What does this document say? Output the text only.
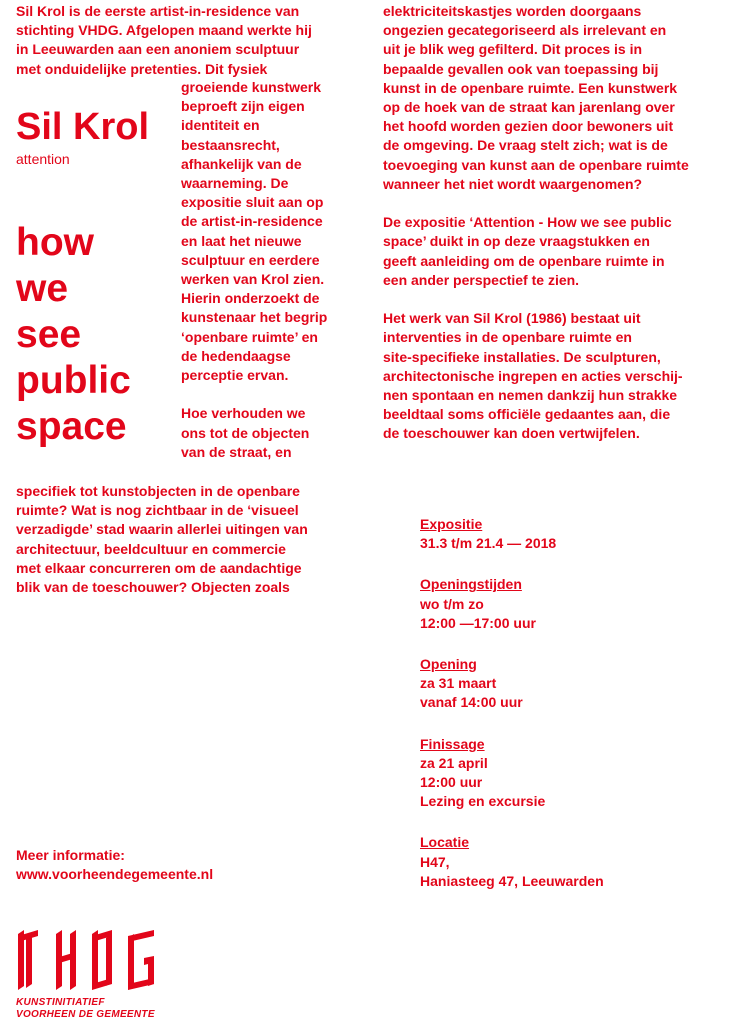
Sil Krol is de eerste artist-in-residence van
stichting VHDG. Afgelopen maand werkte hij
in Leeuwarden aan een anoniem sculptuur
met onduidelijke pretenties. Dit fysiek

groeiende kunstwerk
beproeft zijn eigen
identiteit en
bestaansrecht,
afhankelijk van de
waarneming. De
expositie sluit aan op
de artist-in-residence
en laat het nieuwe
sculptuur en eerdere
werken van Krol zien.
Hierin onderzoekt de
kunstenaar het begrip
‘openbare ruimte’ en
de hedendaagse
perceptie ervan.

Hoe verhouden we
ons tot de objecten
van de straat, en

specifiek tot kunstobjecten in de openbare
ruimte? Wat is nog zichtbaar in de ‘visueel
verzadigde’ stad waarin allerlei uitingen van
architectuur, beeldcultuur en commercie
met elkaar concurreren om de aandachtige
blik van de toeschouwer? Objecten zoals

Sil Krol
attention
how
we
see
public
space

elektriciteitskastjes worden doorgaans
ongezien gecategoriseerd als irrelevant en
uit je blik weg gefilterd. Dit proces is in
bepaalde gevallen ook van toepassing bij
kunst in de openbare ruimte. Een kunstwerk
op de hoek van de straat kan jarenlang over
het hoofd worden gezien door bewoners uit
de omgeving. De vraag stelt zich; wat is de
toevoeging van kunst aan de openbare ruimte
wanneer het niet wordt waargenomen?

De expositie ‘Attention - How we see public
space’ duikt in op deze vraagstukken en
geeft aanleiding om de openbare ruimte in
een ander perspectief te zien.

Het werk van Sil Krol (1986) bestaat uit
interventies in de openbare ruimte en
site-specifieke installaties. De sculpturen,
architectonische ingrepen en acties verschij-
nen spontaan en nemen dankzij hun strakke
beeldtaal soms officiële gedaantes aan, die
de toeschouwer kan doen vertwijfelen.

Expositie
31.3 t/m 21.4 — 2018
Openingstijden
wo t/m zo
12:00 —17:00 uur
Opening
za 31 maart
vanaf 14:00 uur
Finissage
za 21 april
12:00 uur
Lezing en excursie
Locatie
H47,
Haniasteeg 47, Leeuwarden
Meer informatie:
www.voorheendegemeente.nl
KUNSTINITIATIEF
VOORHEEN DE GEMEENTE
